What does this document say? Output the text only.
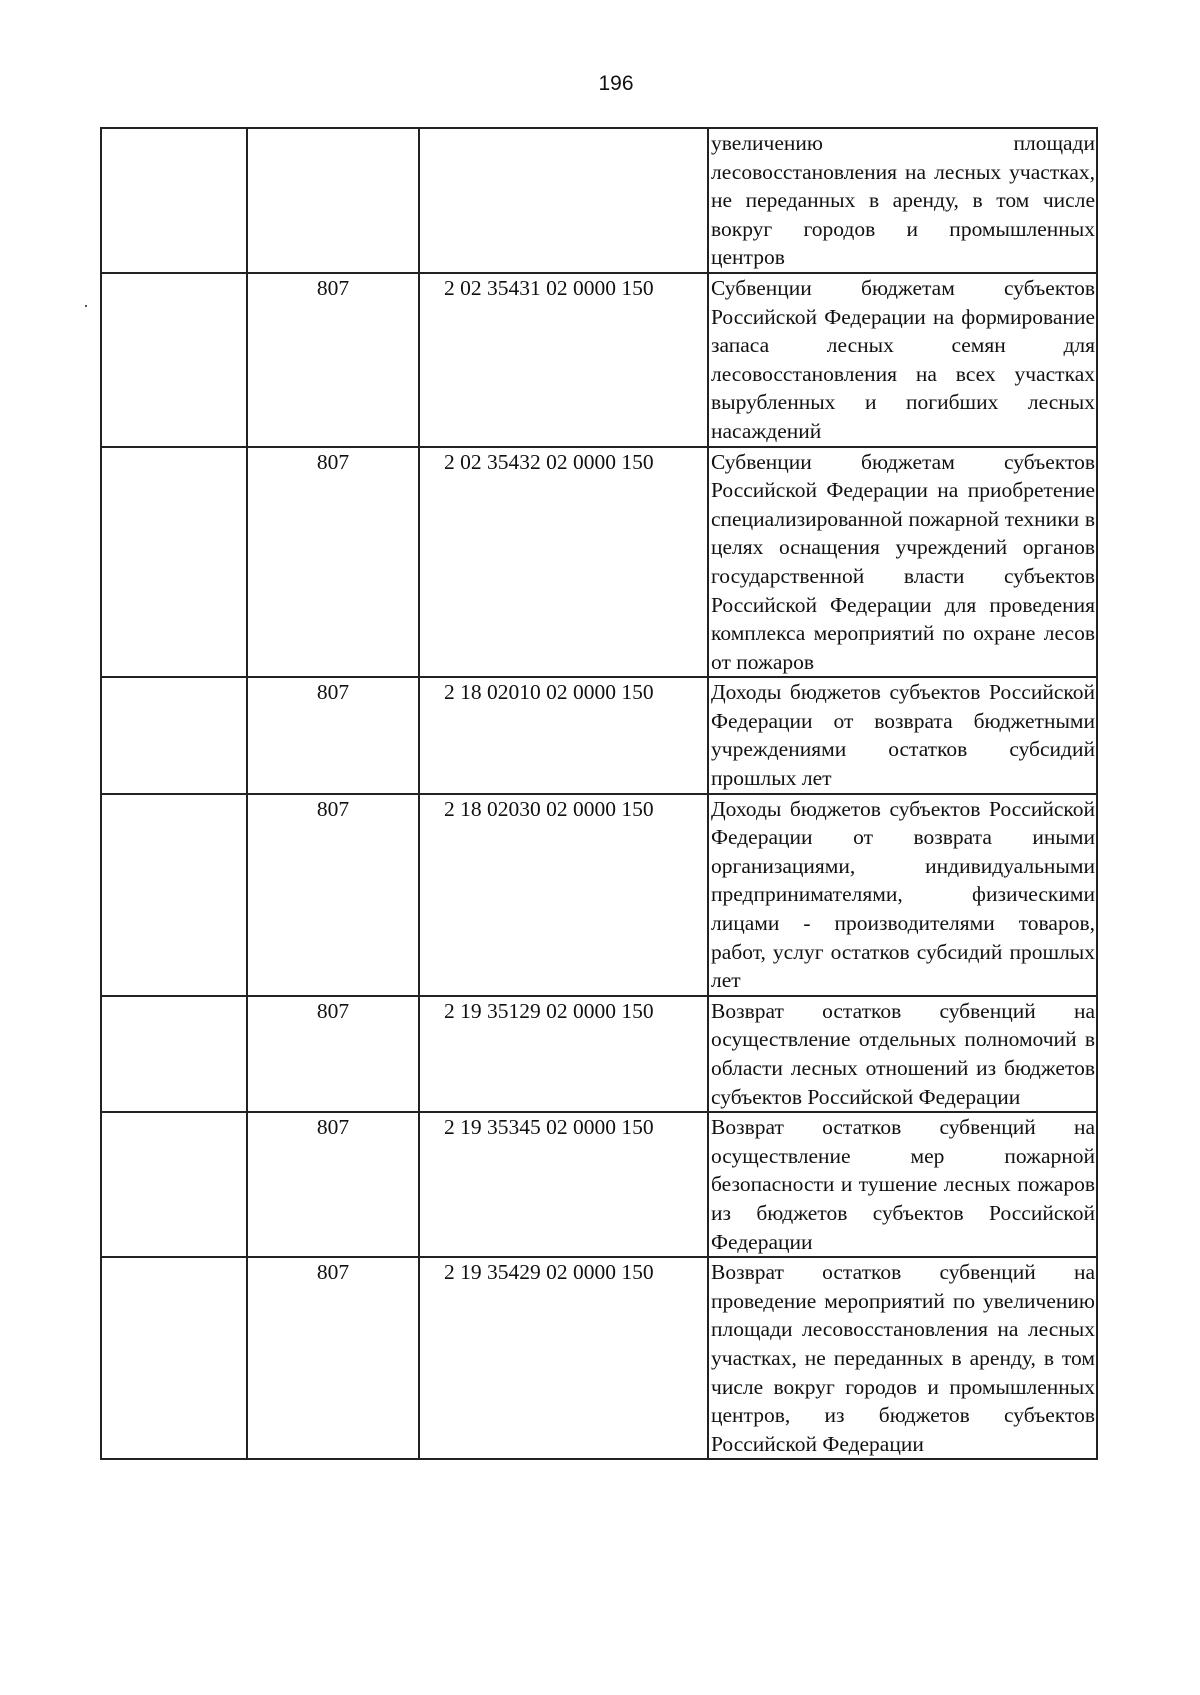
196
			увеличению площади лесовосстановления на лесных участках, не переданных в аренду, в том числе вокруг городов и промышленных центров
	807	2 02 35431 02 0000 150	Субвенции бюджетам субъектов Российской Федерации на формирование запаса лесных семян для лесовосстановления на всех участках вырубленных и погибших лесных насаждений
	807	2 02 35432 02 0000 150	Субвенции бюджетам субъектов Российской Федерации на приобретение специализированной пожарной техники в целях оснащения учреждений органов государственной власти субъектов Российской Федерации для проведения комплекса мероприятий по охране лесов от пожаров
	807	2 18 02010 02 0000 150	Доходы бюджетов субъектов Российской Федерации от возврата бюджетными учреждениями остатков субсидий прошлых лет
	807	2 18 02030 02 0000 150	Доходы бюджетов субъектов Российской Федерации от возврата иными организациями, индивидуальными предпринимателями, физическими лицами - производителями товаров, работ, услуг остатков субсидий прошлых лет
	807	2 19 35129 02 0000 150	Возврат остатков субвенций на осуществление отдельных полномочий в области лесных отношений из бюджетов субъектов Российской Федерации
	807	2 19 35345 02 0000 150	Возврат остатков субвенций на осуществление мер пожарной безопасности и тушение лесных пожаров из бюджетов субъектов Российской Федерации
	807	2 19 35429 02 0000 150	Возврат остатков субвенций на проведение мероприятий по увеличению площади лесовосстановления на лесных участках, не переданных в аренду, в том числе вокруг городов и промышленных центров, из бюджетов субъектов Российской Федерации
